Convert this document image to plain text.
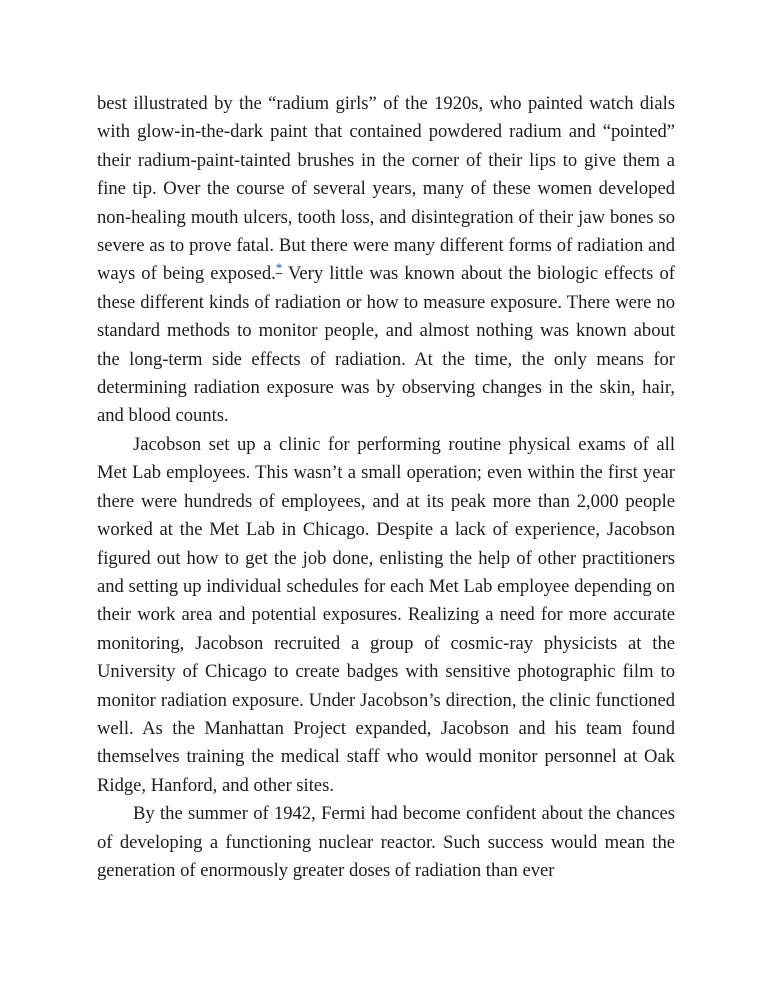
best illustrated by the “radium girls” of the 1920s, who painted watch dials with glow-in-the-dark paint that contained powdered radium and “pointed” their radium-paint-tainted brushes in the corner of their lips to give them a fine tip. Over the course of several years, many of these women developed non-healing mouth ulcers, tooth loss, and disintegration of their jaw bones so severe as to prove fatal. But there were many different forms of radiation and ways of being exposed.* Very little was known about the biologic effects of these different kinds of radiation or how to measure exposure. There were no standard methods to monitor people, and almost nothing was known about the long-term side effects of radiation. At the time, the only means for determining radiation exposure was by observing changes in the skin, hair, and blood counts.

Jacobson set up a clinic for performing routine physical exams of all Met Lab employees. This wasn’t a small operation; even within the first year there were hundreds of employees, and at its peak more than 2,000 people worked at the Met Lab in Chicago. Despite a lack of experience, Jacobson figured out how to get the job done, enlisting the help of other practitioners and setting up individual schedules for each Met Lab employee depending on their work area and potential exposures. Realizing a need for more accurate monitoring, Jacobson recruited a group of cosmic-ray physicists at the University of Chicago to create badges with sensitive photographic film to monitor radiation exposure. Under Jacobson’s direction, the clinic functioned well. As the Manhattan Project expanded, Jacobson and his team found themselves training the medical staff who would monitor personnel at Oak Ridge, Hanford, and other sites.

By the summer of 1942, Fermi had become confident about the chances of developing a functioning nuclear reactor. Such success would mean the generation of enormously greater doses of radiation than ever
